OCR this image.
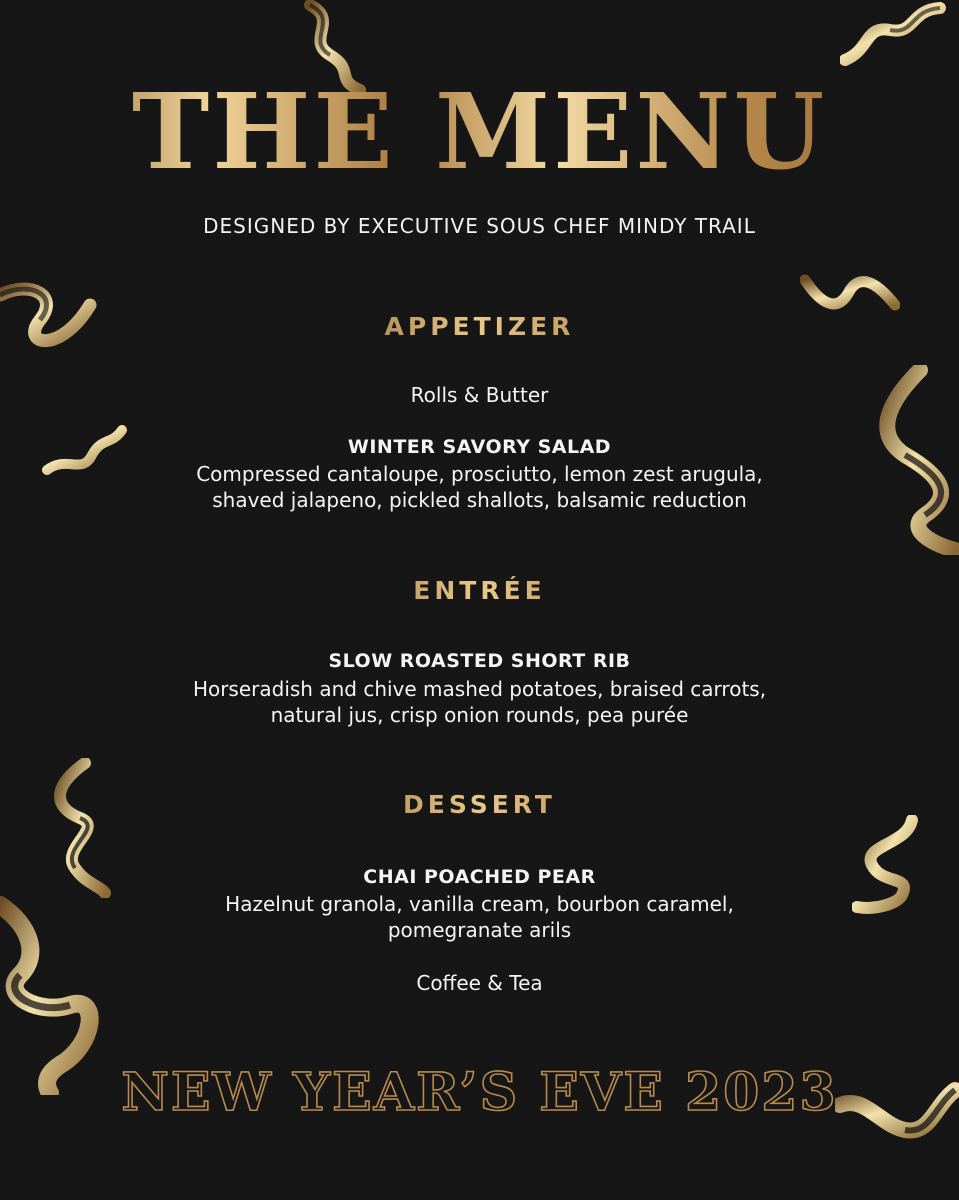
THE MENU
DESIGNED BY EXECUTIVE SOUS CHEF MINDY TRAIL
APPETIZER
Rolls & Butter
WINTER SAVORY SALAD
Compressed cantaloupe, prosciutto, lemon zest arugula,
shaved jalapeno, pickled shallots, balsamic reduction
ENTRÉE
SLOW ROASTED SHORT RIB
Horseradish and chive mashed potatoes, braised carrots,
natural jus, crisp onion rounds, pea purée
DESSERT
CHAI POACHED PEAR
Hazelnut granola, vanilla cream, bourbon caramel,
pomegranate arils
Coffee & Tea
NEW YEAR’S EVE 2023
